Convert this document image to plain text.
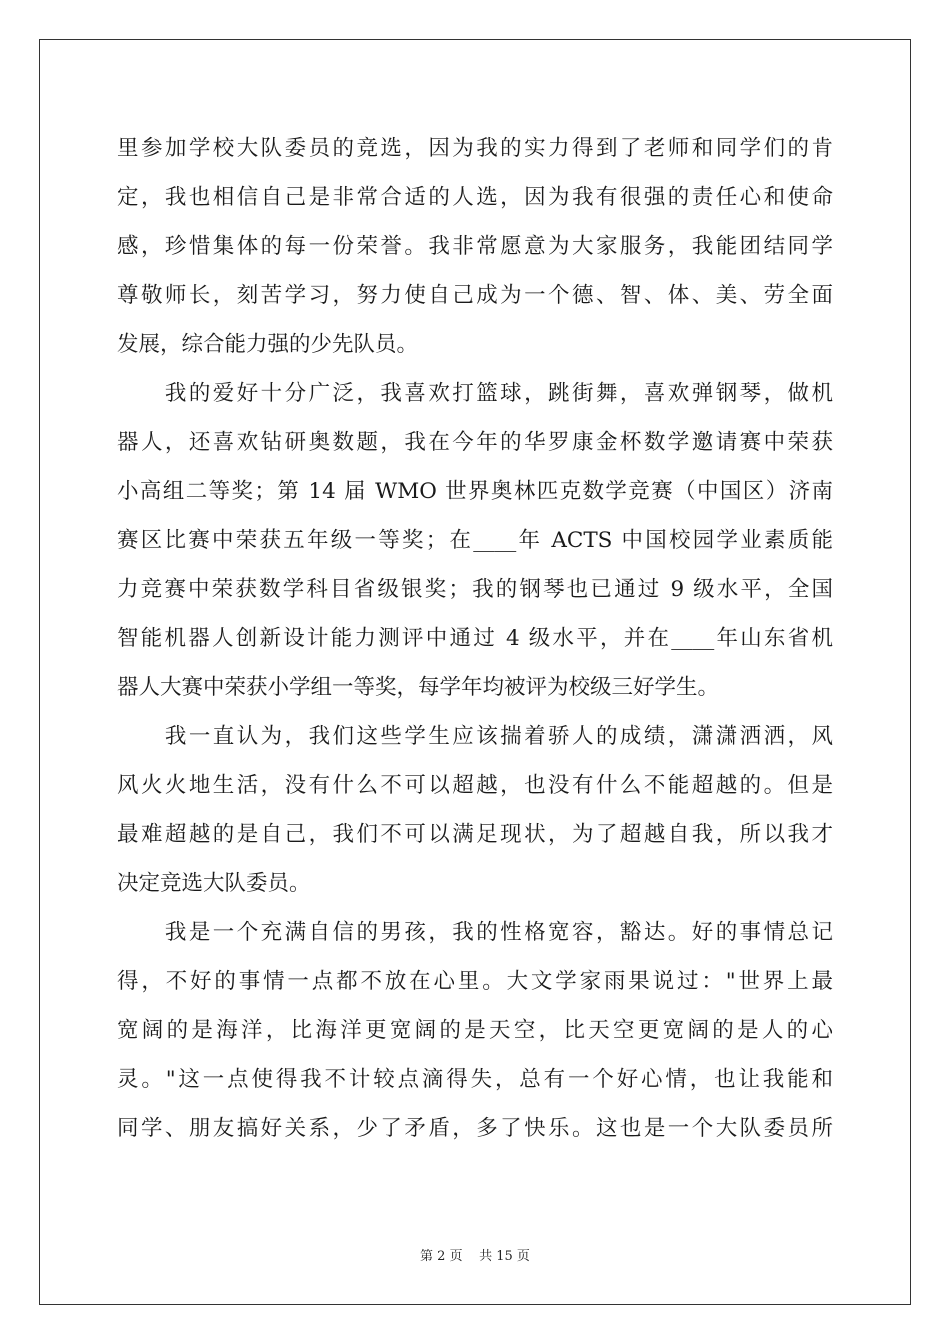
里参加学校大队委员的竞选，因为我的实力得到了老师和同学们的肯
定，我也相信自己是非常合适的人选，因为我有很强的责任心和使命
感，珍惜集体的每一份荣誉。我非常愿意为大家服务，我能团结同学
尊敬师长，刻苦学习，努力使自己成为一个德、智、体、美、劳全面
发展，综合能力强的少先队员。
　　我的爱好十分广泛，我喜欢打篮球，跳街舞，喜欢弹钢琴，做机
器人，还喜欢钻研奥数题，我在今年的华罗康金杯数学邀请赛中荣获
小高组二等奖；第 14 届 WMO 世界奥林匹克数学竞赛（中国区）济南
赛区比赛中荣获五年级一等奖；在____年 ACTS 中国校园学业素质能
力竞赛中荣获数学科目省级银奖；我的钢琴也已通过 9 级水平，全国
智能机器人创新设计能力测评中通过 4 级水平，并在____年山东省机
器人大赛中荣获小学组一等奖，每学年均被评为校级三好学生。
　　我一直认为，我们这些学生应该揣着骄人的成绩，潇潇洒洒，风
风火火地生活，没有什么不可以超越，也没有什么不能超越的。但是
最难超越的是自己，我们不可以满足现状，为了超越自我，所以我才
决定竞选大队委员。
　　我是一个充满自信的男孩，我的性格宽容，豁达。好的事情总记
得，不好的事情一点都不放在心里。大文学家雨果说过："世界上最
宽阔的是海洋，比海洋更宽阔的是天空，比天空更宽阔的是人的心
灵。"这一点使得我不计较点滴得失，总有一个好心情，也让我能和
同学、朋友搞好关系，少了矛盾，多了快乐。这也是一个大队委员所
第 2 页 共 15 页
